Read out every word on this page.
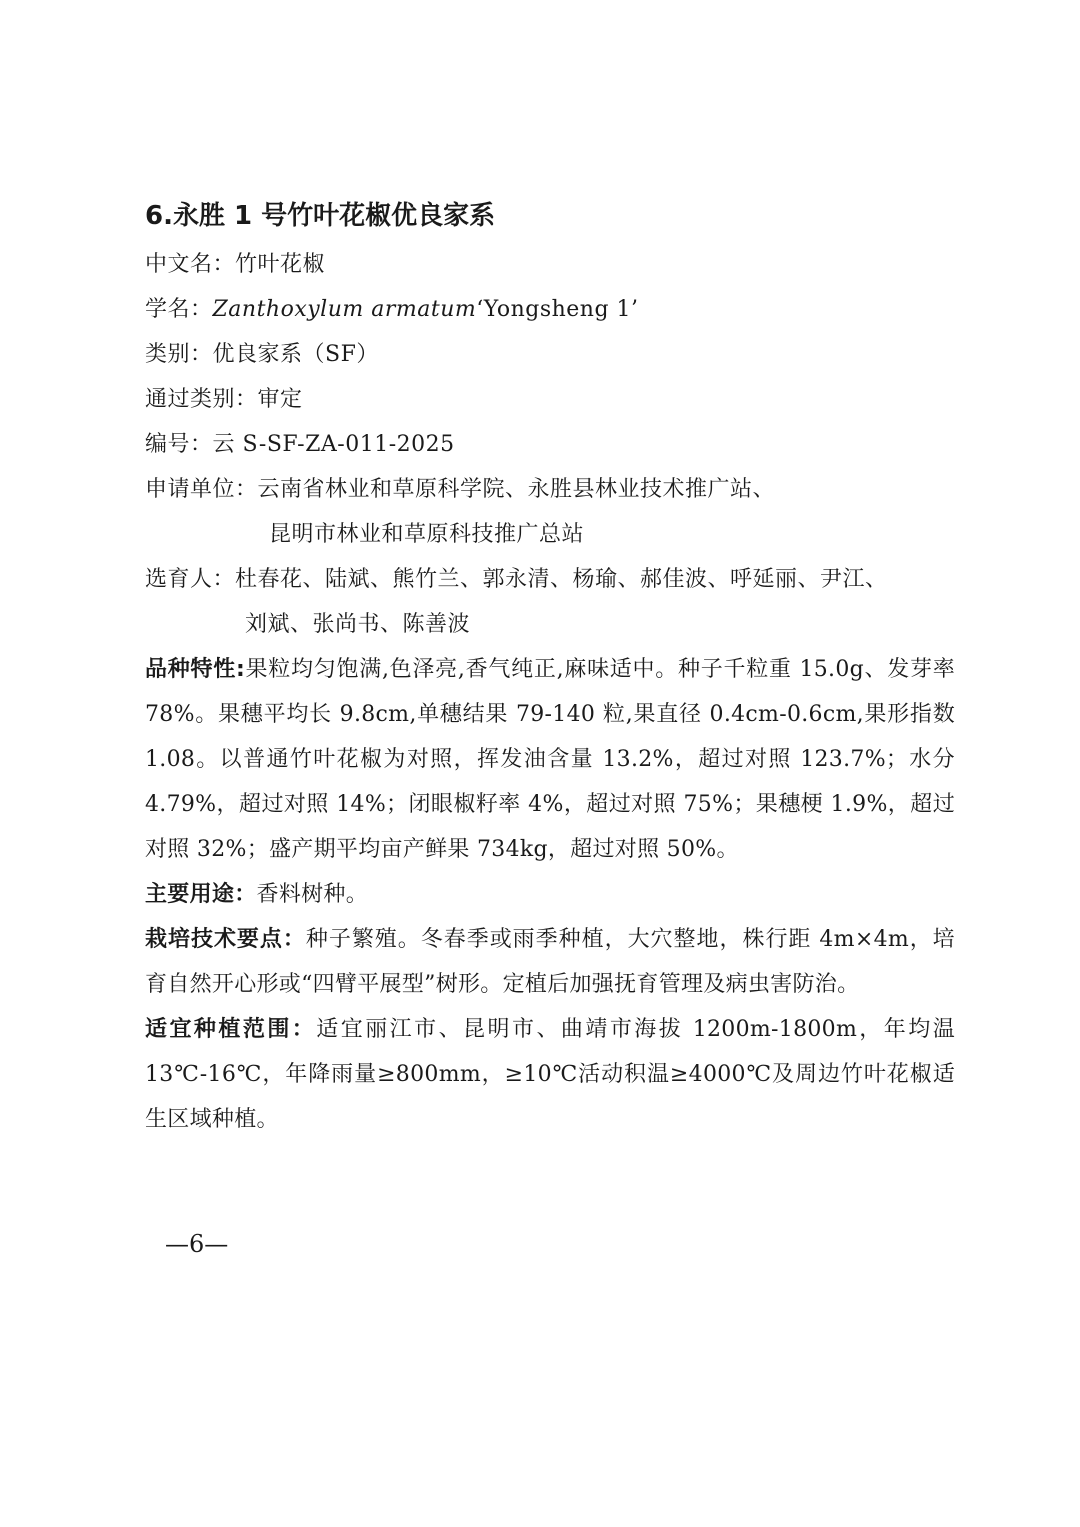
6.永胜 1 号竹叶花椒优良家系
中文名：竹叶花椒
学名：Zanthoxylum armatum‘Yongsheng 1’
类别：优良家系（SF）
通过类别：审定
编号：云 S-SF-ZA-011-2025
申请单位：云南省林业和草原科学院、永胜县林业技术推广站、
昆明市林业和草原科技推广总站
选育人：杜春花、陆斌、熊竹兰、郭永清、杨瑜、郝佳波、呼延丽、尹江、
刘斌、张尚书、陈善波
品种特性:果粒均匀饱满,色泽亮,香气纯正,麻味适中。种子千粒重 15.0g、发芽率 78%。果穗平均长 9.8cm,单穗结果 79-140 粒,果直径 0.4cm-0.6cm,果形指数 1.08。以普通竹叶花椒为对照，挥发油含量 13.2%，超过对照 123.7%；水分 4.79%，超过对照 14%；闭眼椒籽率 4%，超过对照 75%；果穗梗 1.9%，超过对照 32%；盛产期平均亩产鲜果 734kg，超过对照 50%。
主要用途：香料树种。
栽培技术要点：种子繁殖。冬春季或雨季种植，大穴整地，株行距 4m×4m，培育自然开心形或“四臂平展型”树形。定植后加强抚育管理及病虫害防治。
适宜种植范围：适宜丽江市、昆明市、曲靖市海拔 1200m-1800m，年均温 13℃-16℃，年降雨量≥800mm，≥10℃活动积温≥4000℃及周边竹叶花椒适生区域种植。
—6—
